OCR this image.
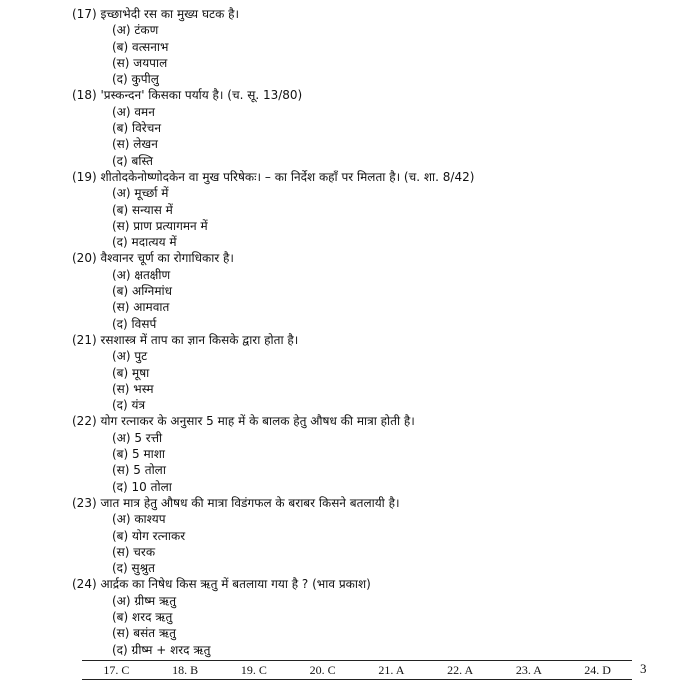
(17) इच्छाभेदी रस का मुख्य घटक है।
(अ) टंकण
(ब) वत्सनाभ
(स) जयपाल
(द) कुपीलु
(18) 'प्रस्कन्दन' किसका पर्याय है। (च. सू. 13/80)
(अ) वमन
(ब) विरेचन
(स) लेखन
(द) बस्ति
(19) शीतोदकेनोष्णोदकेन वा मुख परिषेकः। – का निर्देश कहाँ पर मिलता है। (च. शा. 8/42)
(अ) मूर्च्छा में
(ब) सन्यास में
(स) प्राण प्रत्यागमन में
(द) मदात्यय में
(20) वैश्वानर चूर्ण का रोगाधिकार है।
(अ) क्षतक्षीण
(ब) अग्निमांध
(स) आमवात
(द) विसर्प
(21) रसशास्त्र में ताप का ज्ञान किसके द्वारा होता है।
(अ) पुट
(ब) मूषा
(स) भस्म
(द) यंत्र
(22) योग रत्नाकर के अनुसार 5 माह में के बालक हेतु औषध की मात्रा होती है।
(अ) 5 रत्ती
(ब) 5 माशा
(स) 5 तोला
(द) 10 तोला
(23) जात मात्र हेतु औषध की मात्रा विडंगफल के बराबर किसने बतलायी है।
(अ) काश्यप
(ब) योग रत्नाकर
(स) चरक
(द) सुश्रुत
(24) आर्द्रक का निषेध किस ऋतु में बतलाया गया है ? (भाव प्रकाश)
(अ) ग्रीष्म ऋतु
(ब) शरद ऋतु
(स) बसंत ऋतु
(द) ग्रीष्म + शरद ऋतु
17. C	18. B	19. C	20. C	21. A	22. A	23. A	24. D	3
